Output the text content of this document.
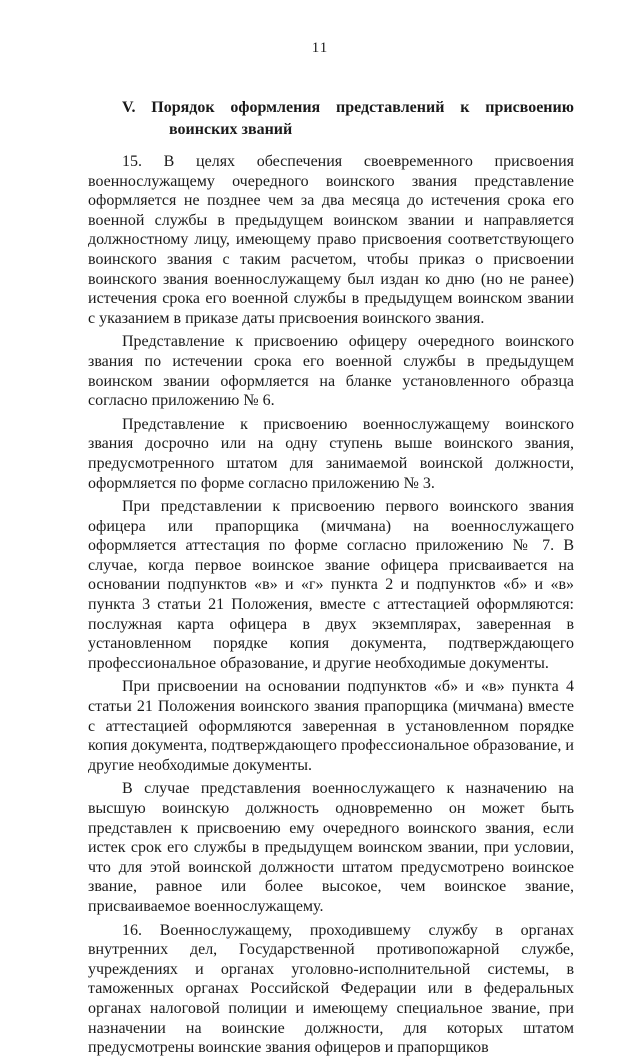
11
V. Порядок оформления представлений к присвоению
воинских званий

15. В целях обеспечения своевременного присвоения военнослужащему очередного воинского звания представление оформляется не позднее чем за два месяца до истечения срока его военной службы в предыдущем воинском звании и направляется должностному лицу, имеющему право присвоения соответствующего воинского звания с таким расчетом, чтобы приказ о присвоении воинского звания военнослужащему был издан ко дню (но не ранее) истечения срока его военной службы в предыдущем воинском звании с указанием в приказе даты присвоения воинского звания.

Представление к присвоению офицеру очередного воинского звания по истечении срока его военной службы в предыдущем воинском звании оформляется на бланке установленного образца согласно приложению № 6.

Представление к присвоению военнослужащему воинского звания досрочно или на одну ступень выше воинского звания, предусмотренного штатом для занимаемой воинской должности, оформляется по форме согласно приложению № 3.

При представлении к присвоению первого воинского звания офицера или прапорщика (мичмана) на военнослужащего оформляется аттестация по форме согласно приложению № 7. В случае, когда первое воинское звание офицера присваивается на основании подпунктов «в» и «г» пункта 2 и подпунктов «б» и «в» пункта 3 статьи 21 Положения, вместе с аттестацией оформляются: послужная карта офицера в двух экземплярах, заверенная в установленном порядке копия документа, подтверждающего профессиональное образование, и другие необходимые документы.

При присвоении на основании подпунктов «б» и «в» пункта 4 статьи 21 Положения воинского звания прапорщика (мичмана) вместе с аттестацией оформляются заверенная в установленном порядке копия документа, подтверждающего профессиональное образование, и другие необходимые документы.

В случае представления военнослужащего к назначению на высшую воинскую должность одновременно он может быть представлен к присвоению ему очередного воинского звания, если истек срок его службы в предыдущем воинском звании, при условии, что для этой воинской должности штатом предусмотрено воинское звание, равное или более высокое, чем воинское звание, присваиваемое военнослужащему.

16. Военнослужащему, проходившему службу в органах внутренних дел, Государственной противопожарной службе, учреждениях и органах уголовно-исполнительной системы, в таможенных органах Российской Федерации или в федеральных органах налоговой полиции и имеющему специальное звание, при назначении на воинские должности, для которых штатом предусмотрены воинские звания офицеров и прапорщиков
